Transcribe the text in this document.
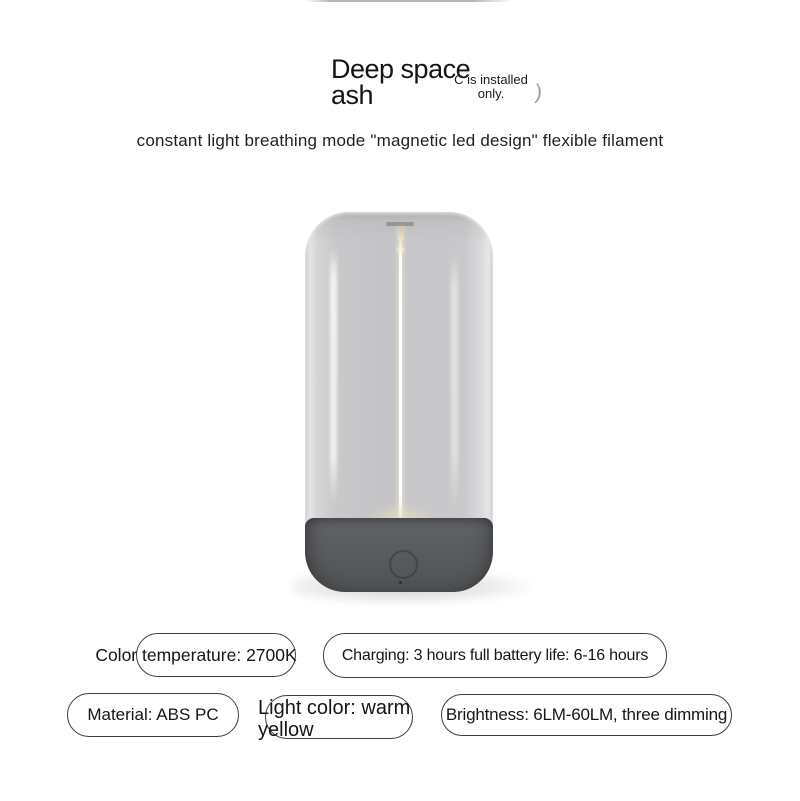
Deep space
ash
C is installed
only.	)
constant light breathing mode "magnetic led design" flexible filament
Color temperature: 2700K	Charging: 3 hours full battery life: 6-16 hours
Material: ABS PC Light color: warm yellow
Brightness: 6LM-60LM, three dimming
